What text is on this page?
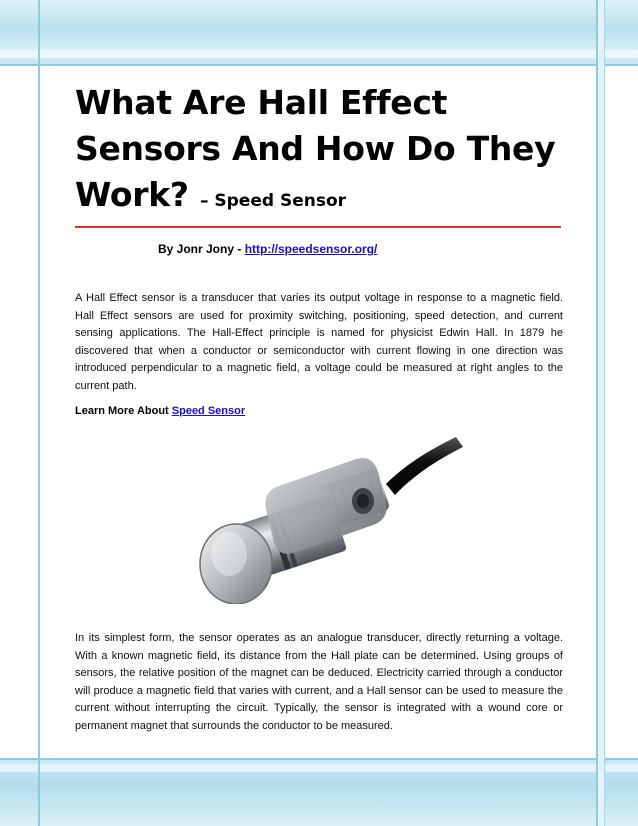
What Are Hall Effect Sensors And How Do They Work? – Speed Sensor
By Jonr Jony - http://speedsensor.org/

A Hall Effect sensor is a transducer that varies its output voltage in response to a magnetic field. Hall Effect sensors are used for proximity switching, positioning, speed detection, and current sensing applications. The Hall-Effect principle is named for physicist Edwin Hall. In 1879 he discovered that when a conductor or semiconductor with current flowing in one direction was introduced perpendicular to a magnetic field, a voltage could be measured at right angles to the current path.

Learn More About Speed Sensor

In its simplest form, the sensor operates as an analogue transducer, directly returning a voltage. With a known magnetic field, its distance from the Hall plate can be determined. Using groups of sensors, the relative position of the magnet can be deduced. Electricity carried through a conductor will produce a magnetic field that varies with current, and a Hall sensor can be used to measure the current without interrupting the circuit. Typically, the sensor is integrated with a wound core or permanent magnet that surrounds the conductor to be measured.
